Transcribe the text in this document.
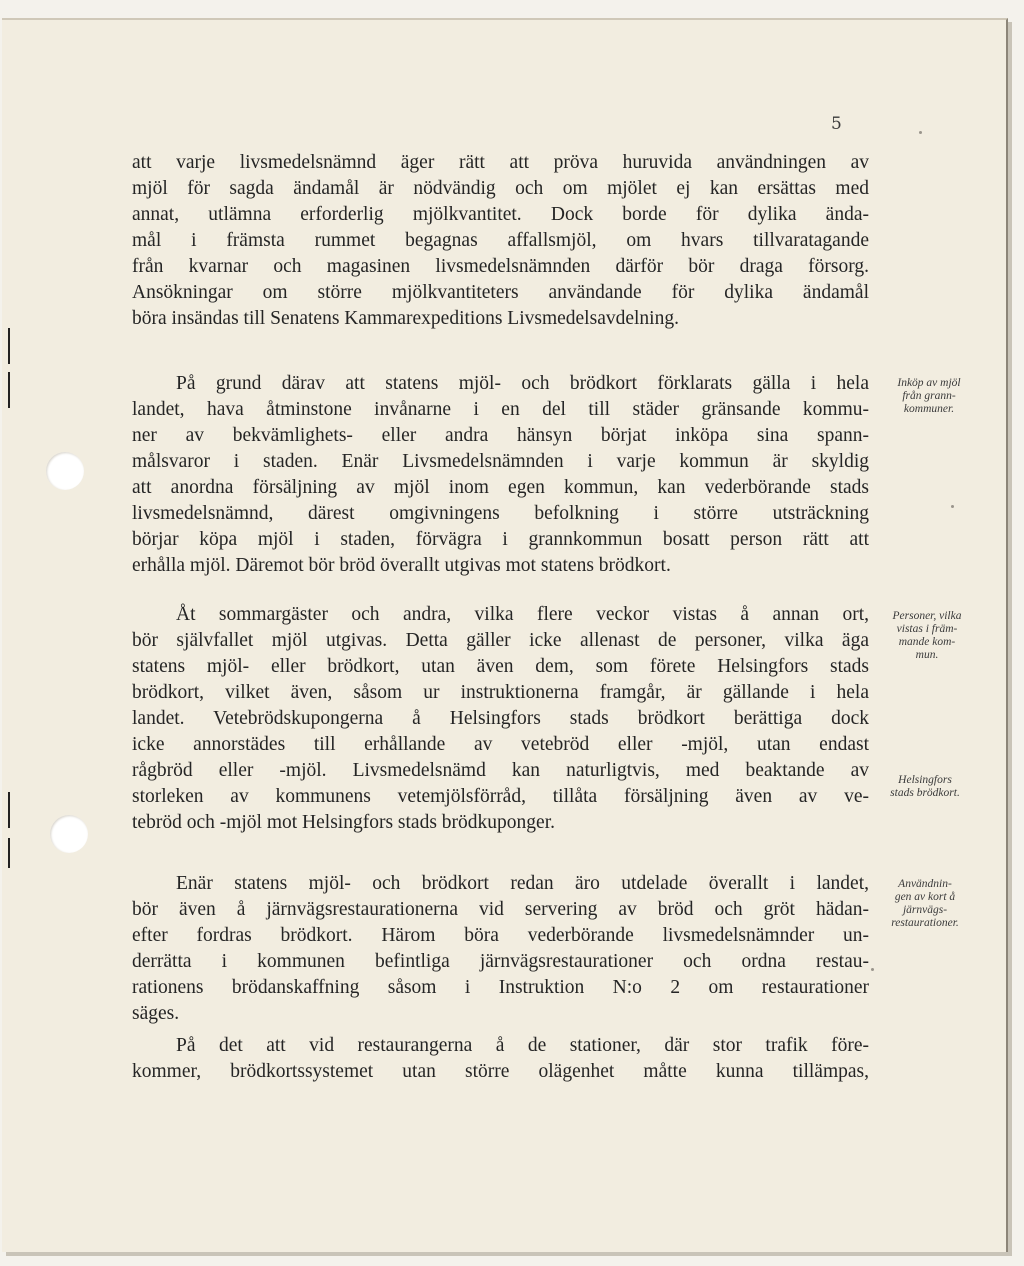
5
att varje livsmedelsnämnd äger rätt att pröva huruvida användningen av
mjöl för sagda ändamål är nödvändig och om mjölet ej kan ersättas med
annat, utlämna erforderlig mjölkvantitet. Dock borde för dylika ända-
mål i främsta rummet begagnas affallsmjöl, om hvars tillvaratagande
från kvarnar och magasinen livsmedelsnämnden därför bör draga försorg.
Ansökningar om större mjölkvantiteters användande för dylika ändamål
böra insändas till Senatens Kammarexpeditions Livsmedelsavdelning.
På grund därav att statens mjöl- och brödkort förklarats gälla i hela
landet, hava åtminstone invånarne i en del till städer gränsande kommu-
ner av bekvämlighets- eller andra hänsyn börjat inköpa sina spann-
målsvaror i staden. Enär Livsmedelsnämnden i varje kommun är skyldig
att anordna försäljning av mjöl inom egen kommun, kan vederbörande stads
livsmedelsnämnd, därest omgivningens befolkning i större utsträckning
börjar köpa mjöl i staden, förvägra i grannkommun bosatt person rätt att
erhålla mjöl. Däremot bör bröd överallt utgivas mot statens brödkort.
Åt sommargäster och andra, vilka flere veckor vistas å annan ort,
bör självfallet mjöl utgivas. Detta gäller icke allenast de personer, vilka äga
statens mjöl- eller brödkort, utan även dem, som förete Helsingfors stads
brödkort, vilket även, såsom ur instruktionerna framgår, är gällande i hela
landet. Vetebrödskupongerna å Helsingfors stads brödkort berättiga dock
icke annorstädes till erhållande av vetebröd eller -mjöl, utan endast
rågbröd eller -mjöl. Livsmedelsnämd kan naturligtvis, med beaktande av
storleken av kommunens vetemjölsförråd, tillåta försäljning även av ve-
tebröd och -mjöl mot Helsingfors stads brödkuponger.
Enär statens mjöl- och brödkort redan äro utdelade överallt i landet,
bör även å järnvägsrestaurationerna vid servering av bröd och gröt hädan-
efter fordras brödkort. Härom böra vederbörande livsmedelsnämnder un-
derrätta i kommunen befintliga järnvägsrestaurationer och ordna restau-
rationens brödanskaffning såsom i Instruktion N:o 2 om restaurationer
säges.
På det att vid restaurangerna å de stationer, där stor trafik före-
kommer, brödkortssystemet utan större olägenhet måtte kunna tillämpas,
Inköp av mjöl
från grann-
kommuner.
Personer, vilka
vistas i främ-
mande kom-
mun.
Helsingfors
stads brödkort.
Användnin-
gen av kort å
järnvägs-
restaurationer.
